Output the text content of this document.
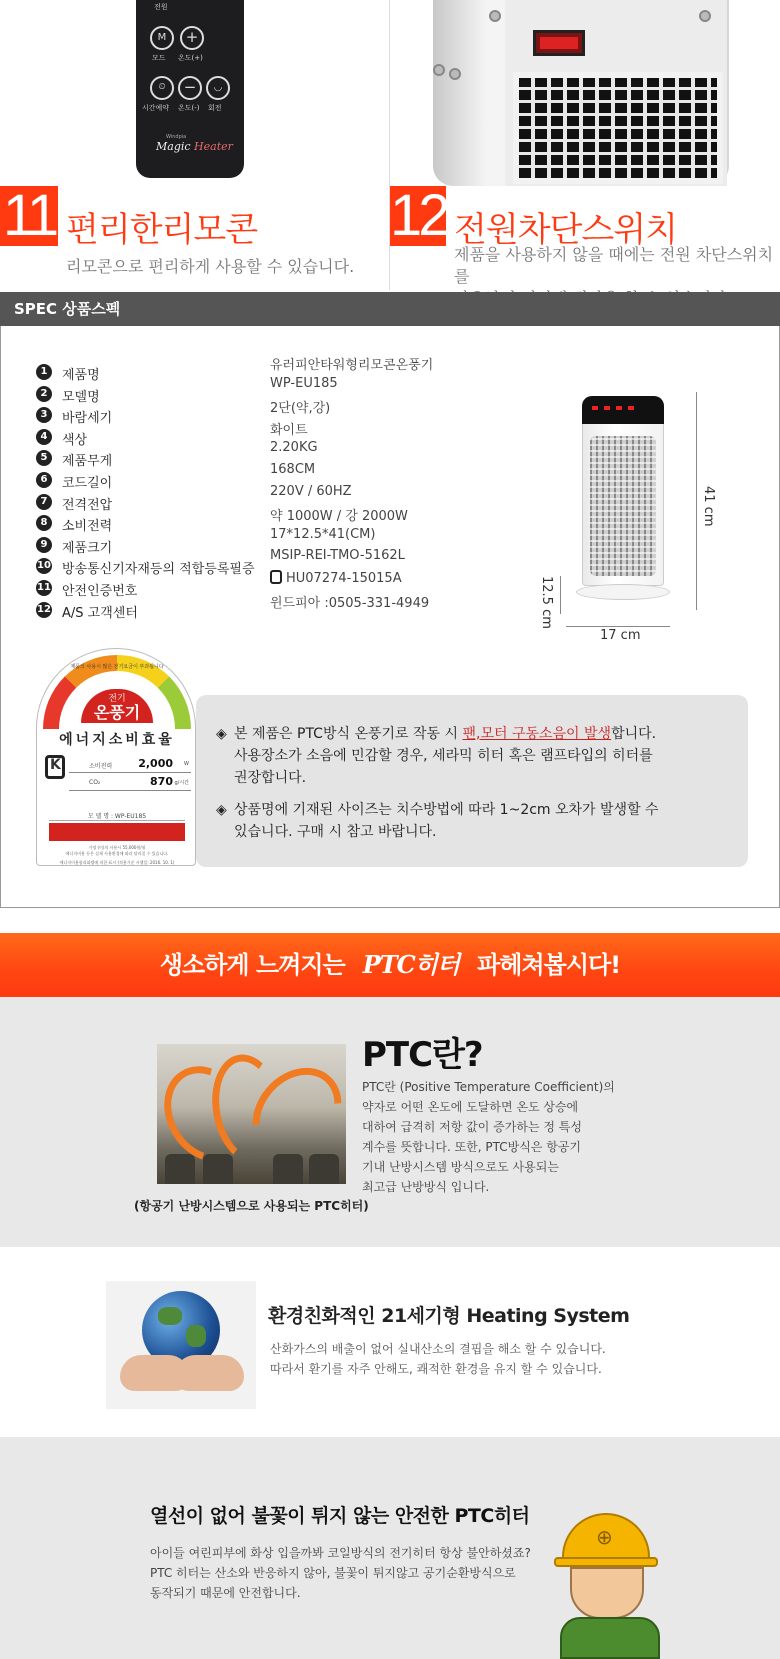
전원
M	+
모드 온도(+)
⏲	−	◡
시간예약 온도(-) 회전
Windpia
Magic Heater
11 편리한리모콘
리모콘으로 편리하게 사용할 수 있습니다.
12 전원차단스위치
제품을 사용하지 않을 때에는 전원 차단스위치를
SPEC 상품스펙
1	제품명
유러피안타워형리모콘온풍기
2	모델명
WP-EU185
3	바람세기
2단(약,강)
4	색상
화이트
5	제품무게
2.20KG
6	코드길이
168CM
7	전격전압
220V / 60HZ
8	소비전력
약 1000W / 강 2000W
9	제품크기
17*12.5*41(CM)
10 방송통신기자재등의 적합등록필증
MSIP-REI-TMO-5162L
11 안전인증번호
HU07274-15015A
12 A/S 고객센터
윈드피아 :0505-331-4949
41 cm
12.5 cm
17 cm
제품의 사용시 많은 전기요금이 부과됩니다
전기
온풍기
에너지소비효율
K
소비전력 2,000 W
CO₂	870 g/시간
모 델 명 : WP-EU185
가정 (이)의 사용시 55,000원/월
에너지비용 등은 실제 사용환경에 따라 달라질 수 있습니다.
에너지이용합리화법에 의한 표시 (적용기준 시행일: 2016. 10. 1)

◈ 본 제품은 PTC방식 온풍기로 작동 시 팬,모터 구동소음이 발생합니다.
사용장소가 소음에 민감할 경우, 세라믹 히터 혹은 램프타입의 히터를
권장합니다.

◈ 상품명에 기재된 사이즈는 치수방법에 따라 1~2cm 오차가 발생할 수
있습니다. 구매 시 참고 바랍니다.

생소하게 느껴지는 PTC히터 파헤쳐봅시다!
PTC란?
PTC란 (Positive Temperature Coefficient)의
약자로 어떤 온도에 도달하면 온도 상승에
대하여 급격히 저항 값이 증가하는 정 특성
계수를 뜻합니다. 또한, PTC방식은 항공기
기내 난방시스템 방식으로도 사용되는
최고급 난방방식 입니다.
(항공기 난방시스템으로 사용되는 PTC히터)
환경친화적인 21세기형 Heating System
산화가스의 배출이 없어 실내산소의 결핍을 해소 할 수 있습니다.
따라서 환기를 자주 안해도, 쾌적한 환경을 유지 할 수 있습니다.
열선이 없어 불꽃이 튀지 않는 안전한 PTC히터
아이들 여린피부에 화상 입을까봐 코일방식의 전기히터 항상 불안하셨죠?
PTC 히터는 산소와 반응하지 않아, 불꽃이 튀지않고 공기순환방식으로
동작되기 때문에 안전합니다.
⊕
